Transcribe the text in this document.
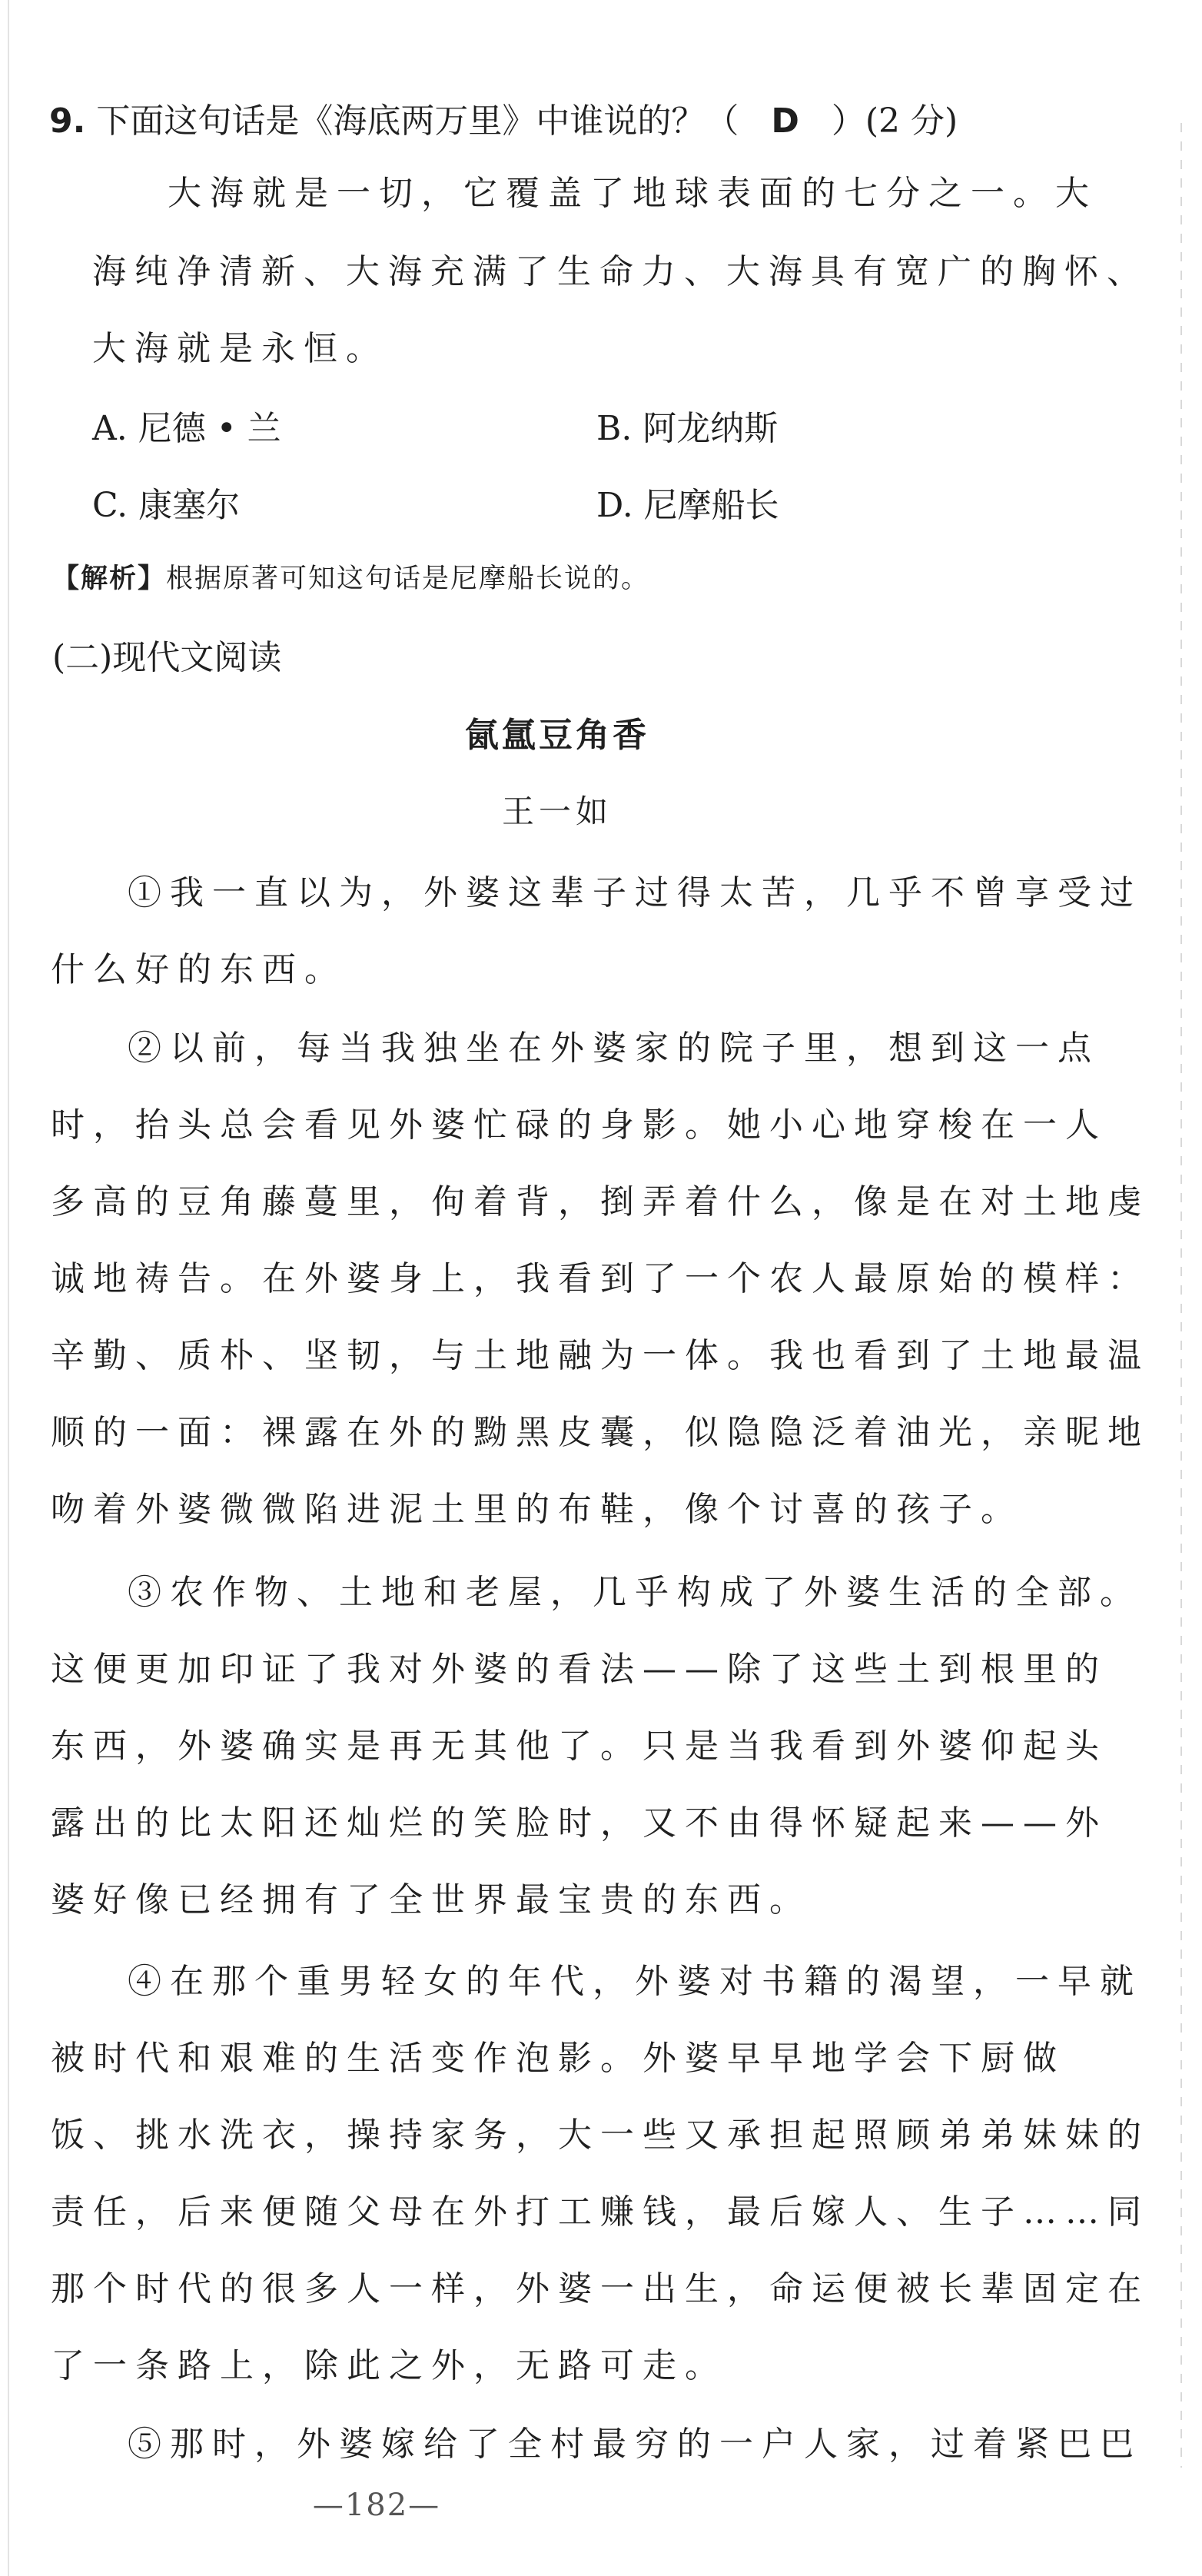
9. 下面这句话是《海底两万里》中谁说的？（ D ）(2 分)
大海就是一切，它覆盖了地球表面的七分之一。大
海纯净清新、大海充满了生命力、大海具有宽广的胸怀、
大海就是永恒。
A. 尼德 • 兰	B. 阿龙纳斯
C. 康塞尔	D. 尼摩船长
【解析】根据原著可知这句话是尼摩船长说的。
(二)现代文阅读
氤氲豆角香
王一如
①我一直以为，外婆这辈子过得太苦，几乎不曾享受过
什么好的东西。
②以前，每当我独坐在外婆家的院子里，想到这一点
时，抬头总会看见外婆忙碌的身影。她小心地穿梭在一人
多高的豆角藤蔓里，佝着背，捯弄着什么，像是在对土地虔
诚地祷告。在外婆身上，我看到了一个农人最原始的模样：
辛勤、质朴、坚韧，与土地融为一体。我也看到了土地最温
顺的一面：裸露在外的黝黑皮囊，似隐隐泛着油光，亲昵地
吻着外婆微微陷进泥土里的布鞋，像个讨喜的孩子。
③农作物、土地和老屋，几乎构成了外婆生活的全部。
这便更加印证了我对外婆的看法——除了这些土到根里的
东西，外婆确实是再无其他了。只是当我看到外婆仰起头
露出的比太阳还灿烂的笑脸时，又不由得怀疑起来——外
婆好像已经拥有了全世界最宝贵的东西。
④在那个重男轻女的年代，外婆对书籍的渴望，一早就
被时代和艰难的生活变作泡影。外婆早早地学会下厨做
饭、挑水洗衣，操持家务，大一些又承担起照顾弟弟妹妹的
责任，后来便随父母在外打工赚钱，最后嫁人、生子……同
那个时代的很多人一样，外婆一出生，命运便被长辈固定在
了一条路上，除此之外，无路可走。
⑤那时，外婆嫁给了全村最穷的一户人家，过着紧巴巴
—182—
